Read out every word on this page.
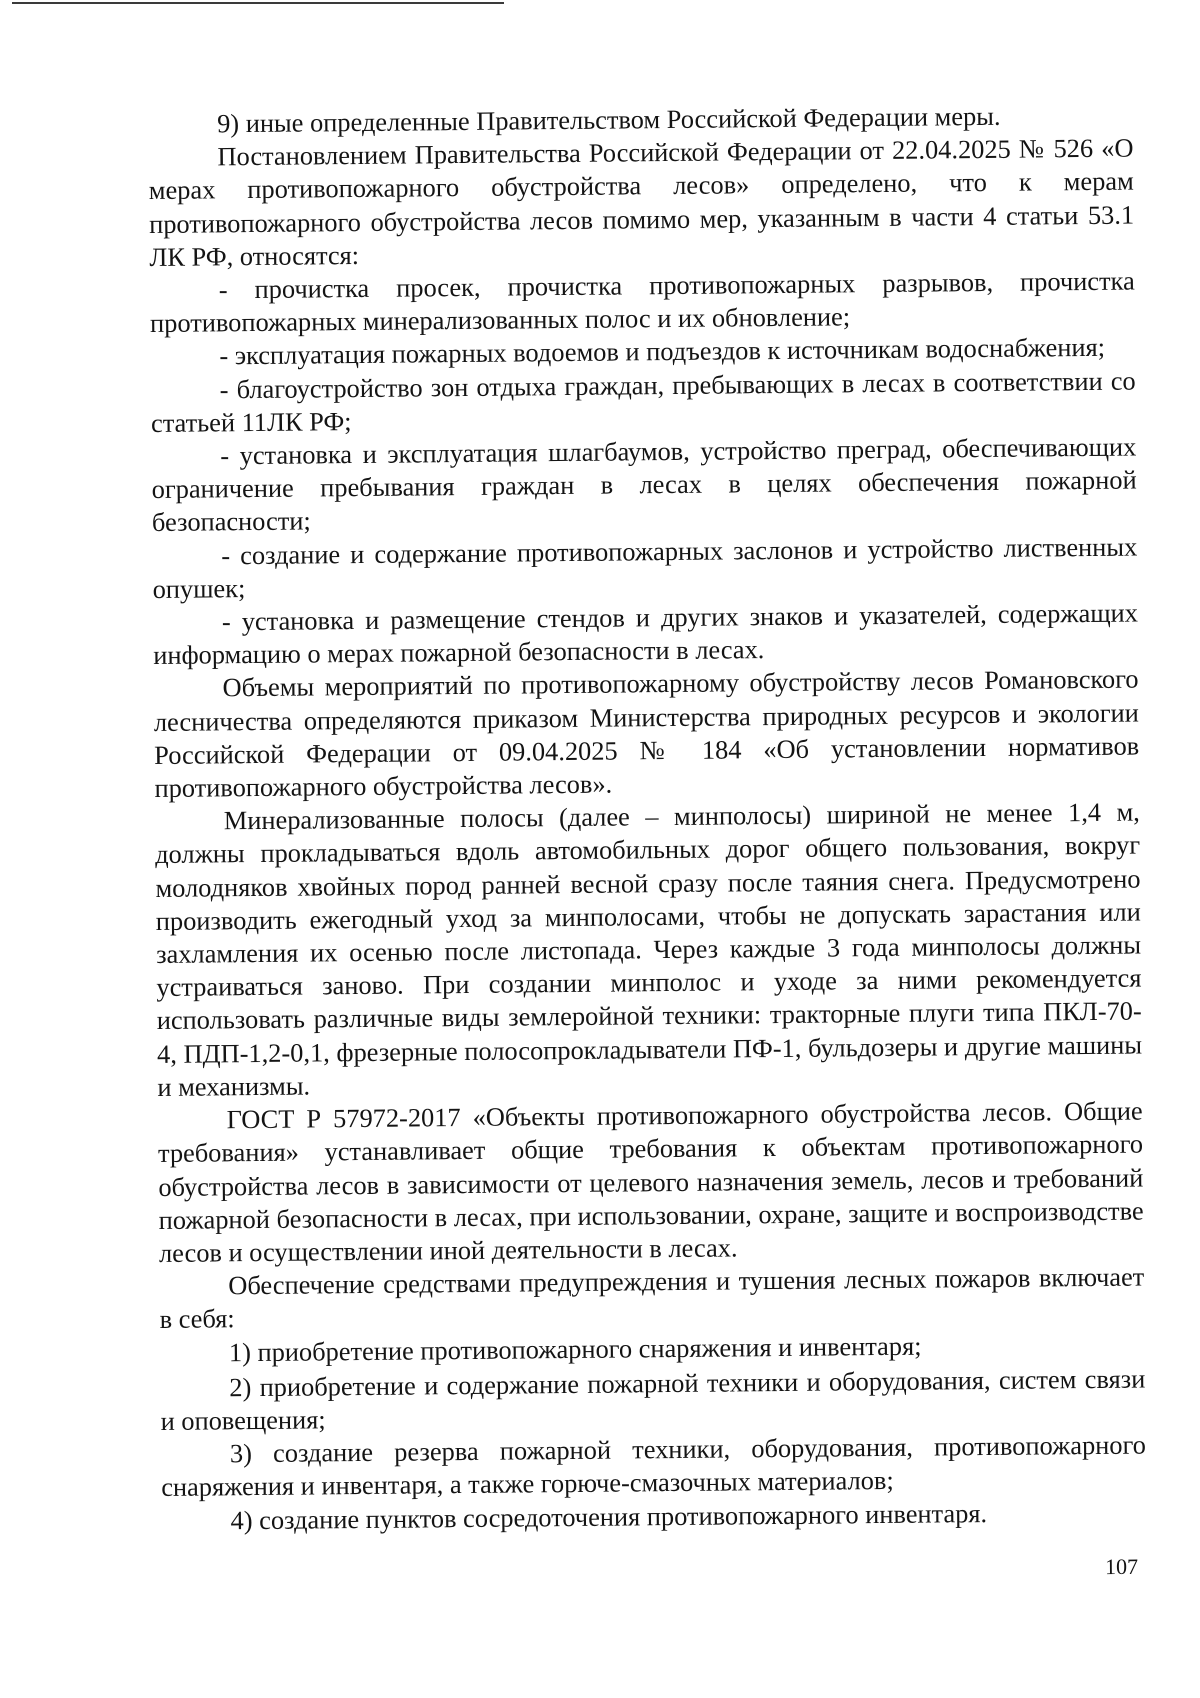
9) иные определенные Правительством Российской Федерации меры.

Постановлением Правительства Российской Федерации от 22.04.2025 № 526 «О мерах противопожарного обустройства лесов» определено, что к мерам противопожарного обустройства лесов помимо мер, указанным в части 4 статьи 53.1 ЛК РФ, относятся:

- прочистка просек, прочистка противопожарных разрывов, прочистка противопожарных минерализованных полос и их обновление;

- эксплуатация пожарных водоемов и подъездов к источникам водоснабжения;

- благоустройство зон отдыха граждан, пребывающих в лесах в соответствии со статьей 11ЛК РФ;

- установка и эксплуатация шлагбаумов, устройство преград, обеспечивающих ограничение пребывания граждан в лесах в целях обеспечения пожарной безопасности;

- создание и содержание противопожарных заслонов и устройство лиственных опушек;

- установка и размещение стендов и других знаков и указателей, содержащих информацию о мерах пожарной безопасности в лесах.

Объемы мероприятий по противопожарному обустройству лесов Романовского лесничества определяются приказом Министерства природных ресурсов и экологии Российской Федерации от 09.04.2025 № 184 «Об установлении нормативов противопожарного обустройства лесов».

Минерализованные полосы (далее – минполосы) шириной не менее 1,4 м, должны прокладываться вдоль автомобильных дорог общего пользования, вокруг молодняков хвойных пород ранней весной сразу после таяния снега. Предусмотрено производить ежегодный уход за минполосами, чтобы не допускать зарастания или захламления их осенью после листопада. Через каждые 3 года минполосы должны устраиваться заново. При создании минполос и уходе за ними рекомендуется использовать различные виды землеройной техники: тракторные плуги типа ПКЛ-70-4, ПДП-1,2-0,1, фрезерные полосопрокладыватели ПФ-1, бульдозеры и другие машины и механизмы.

ГОСТ Р 57972-2017 «Объекты противопожарного обустройства лесов. Общие требования» устанавливает общие требования к объектам противопожарного обустройства лесов в зависимости от целевого назначения земель, лесов и требований пожарной безопасности в лесах, при использовании, охране, защите и воспроизводстве лесов и осуществлении иной деятельности в лесах.

Обеспечение средствами предупреждения и тушения лесных пожаров включает в себя:

1) приобретение противопожарного снаряжения и инвентаря;

2) приобретение и содержание пожарной техники и оборудования, систем связи и оповещения;

3) создание резерва пожарной техники, оборудования, противопожарного снаряжения и инвентаря, а также горюче-смазочных материалов;

4) создание пунктов сосредоточения противопожарного инвентаря.

107
